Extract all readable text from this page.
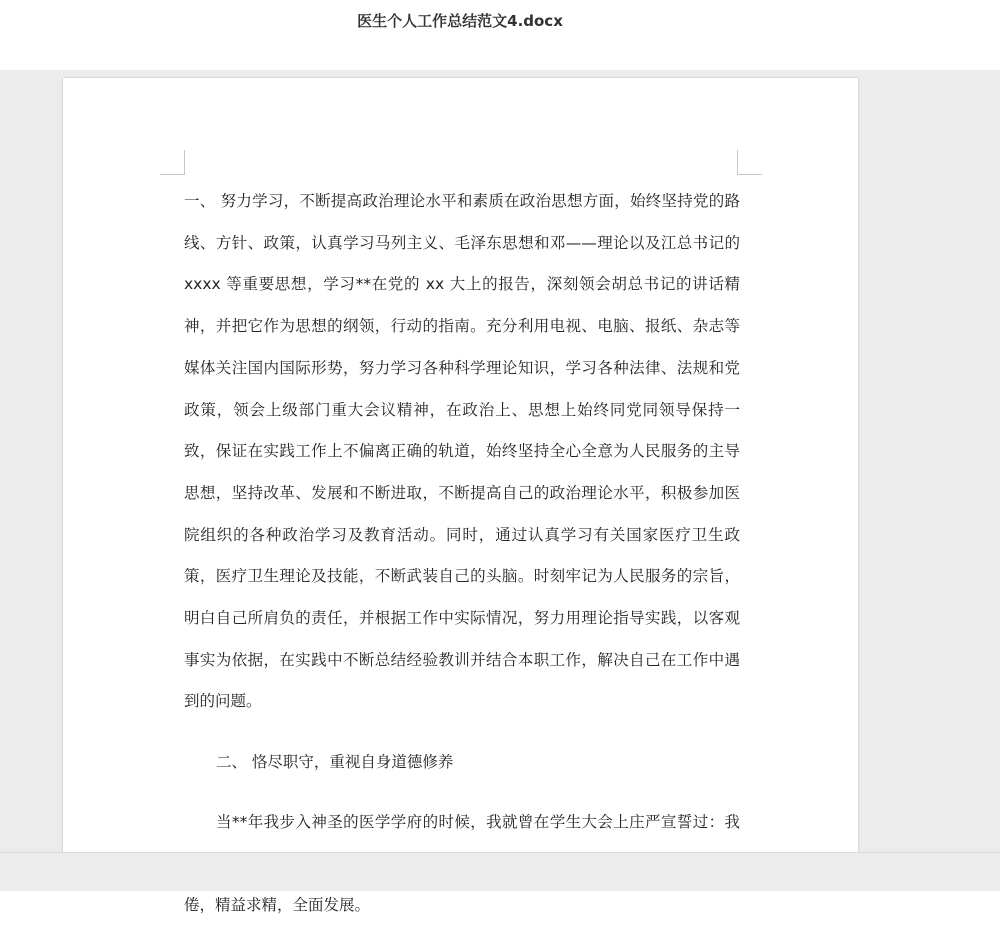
医生个人工作总结范文4.docx

一、 努力学习，不断提高政治理论水平和素质在政治思想方面，始终坚持党的路线、方针、政策，认真学习马列主义、毛泽东思想和邓——理论以及江总书记的 xxxx 等重要思想，学习**在党的 xx 大上的报告，深刻领会胡总书记的讲话精神，并把它作为思想的纲领，行动的指南。充分利用电视、电脑、报纸、杂志等媒体关注国内国际形势，努力学习各种科学理论知识，学习各种法律、法规和党政策，领会上级部门重大会议精神，在政治上、思想上始终同党同领导保持一致，保证在实践工作上不偏离正确的轨道，始终坚持全心全意为人民服务的主导思想，坚持改革、发展和不断进取，不断提高自己的政治理论水平，积极参加医院组织的各种政治学习及教育活动。同时，通过认真学习有关国家医疗卫生政策，医疗卫生理论及技能，不断武装自己的头脑。时刻牢记为人民服务的宗旨，明白自己所肩负的责任，并根据工作中实际情况，努力用理论指导实践，以客观事实为依据，在实践中不断总结经验教训并结合本职工作，解决自己在工作中遇到的问题。

二、 恪尽职守，重视自身道德修养

当**年我步入神圣的医学学府的时候，我就曾在学生大会上庄严宣誓过：我 倦，精益求精，全面发展。
